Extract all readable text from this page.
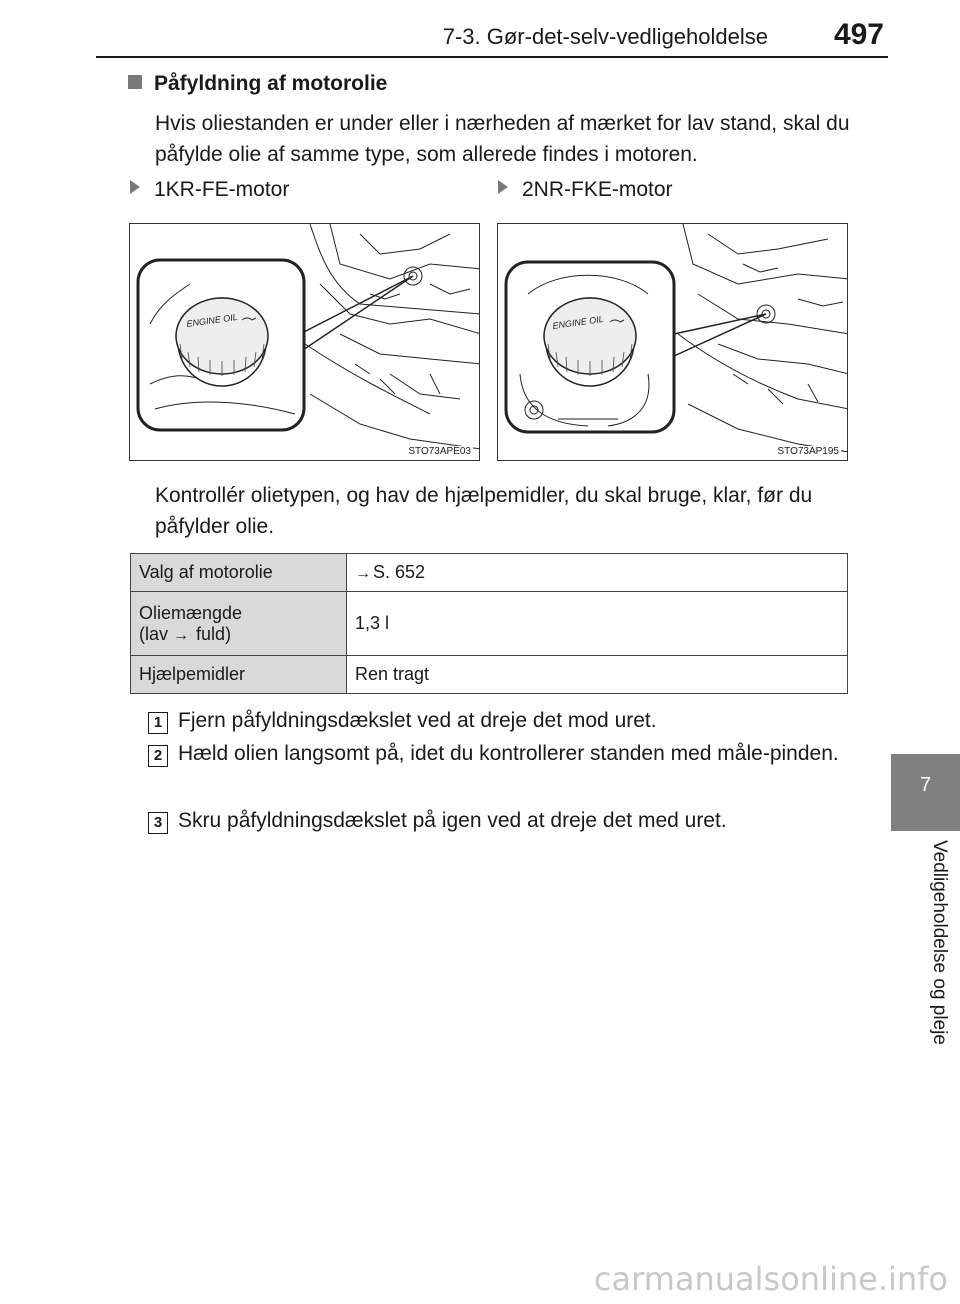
7-3. Gør-det-selv-vedligeholdelse 497
7
Vedligeholdelse og pleje
Påfyldning af motorolie
Hvis oliestanden er under eller i nærheden af mærket for lav stand, skal du påfylde olie af samme type, som allerede findes i motoren.
1KR-FE-motor	2NR-FKE-motor
ENGINE OIL
STO73APE03
ENGINE OIL
STO73AP195
Kontrollér olietypen, og hav de hjælpemidler, du skal bruge, klar, før du påfylder olie.
Valg af motorolie	→ S. 652
Oliemængde
(lav → fuld)	1,3 l
Hjælpemidler	Ren tragt
1 Fjern påfyldningsdækslet ved at dreje det mod uret.
2 Hæld olien langsomt på, idet du kontrollerer standen med måle-pinden.
3 Skru påfyldningsdækslet på igen ved at dreje det med uret.
carmanualsonline.info
